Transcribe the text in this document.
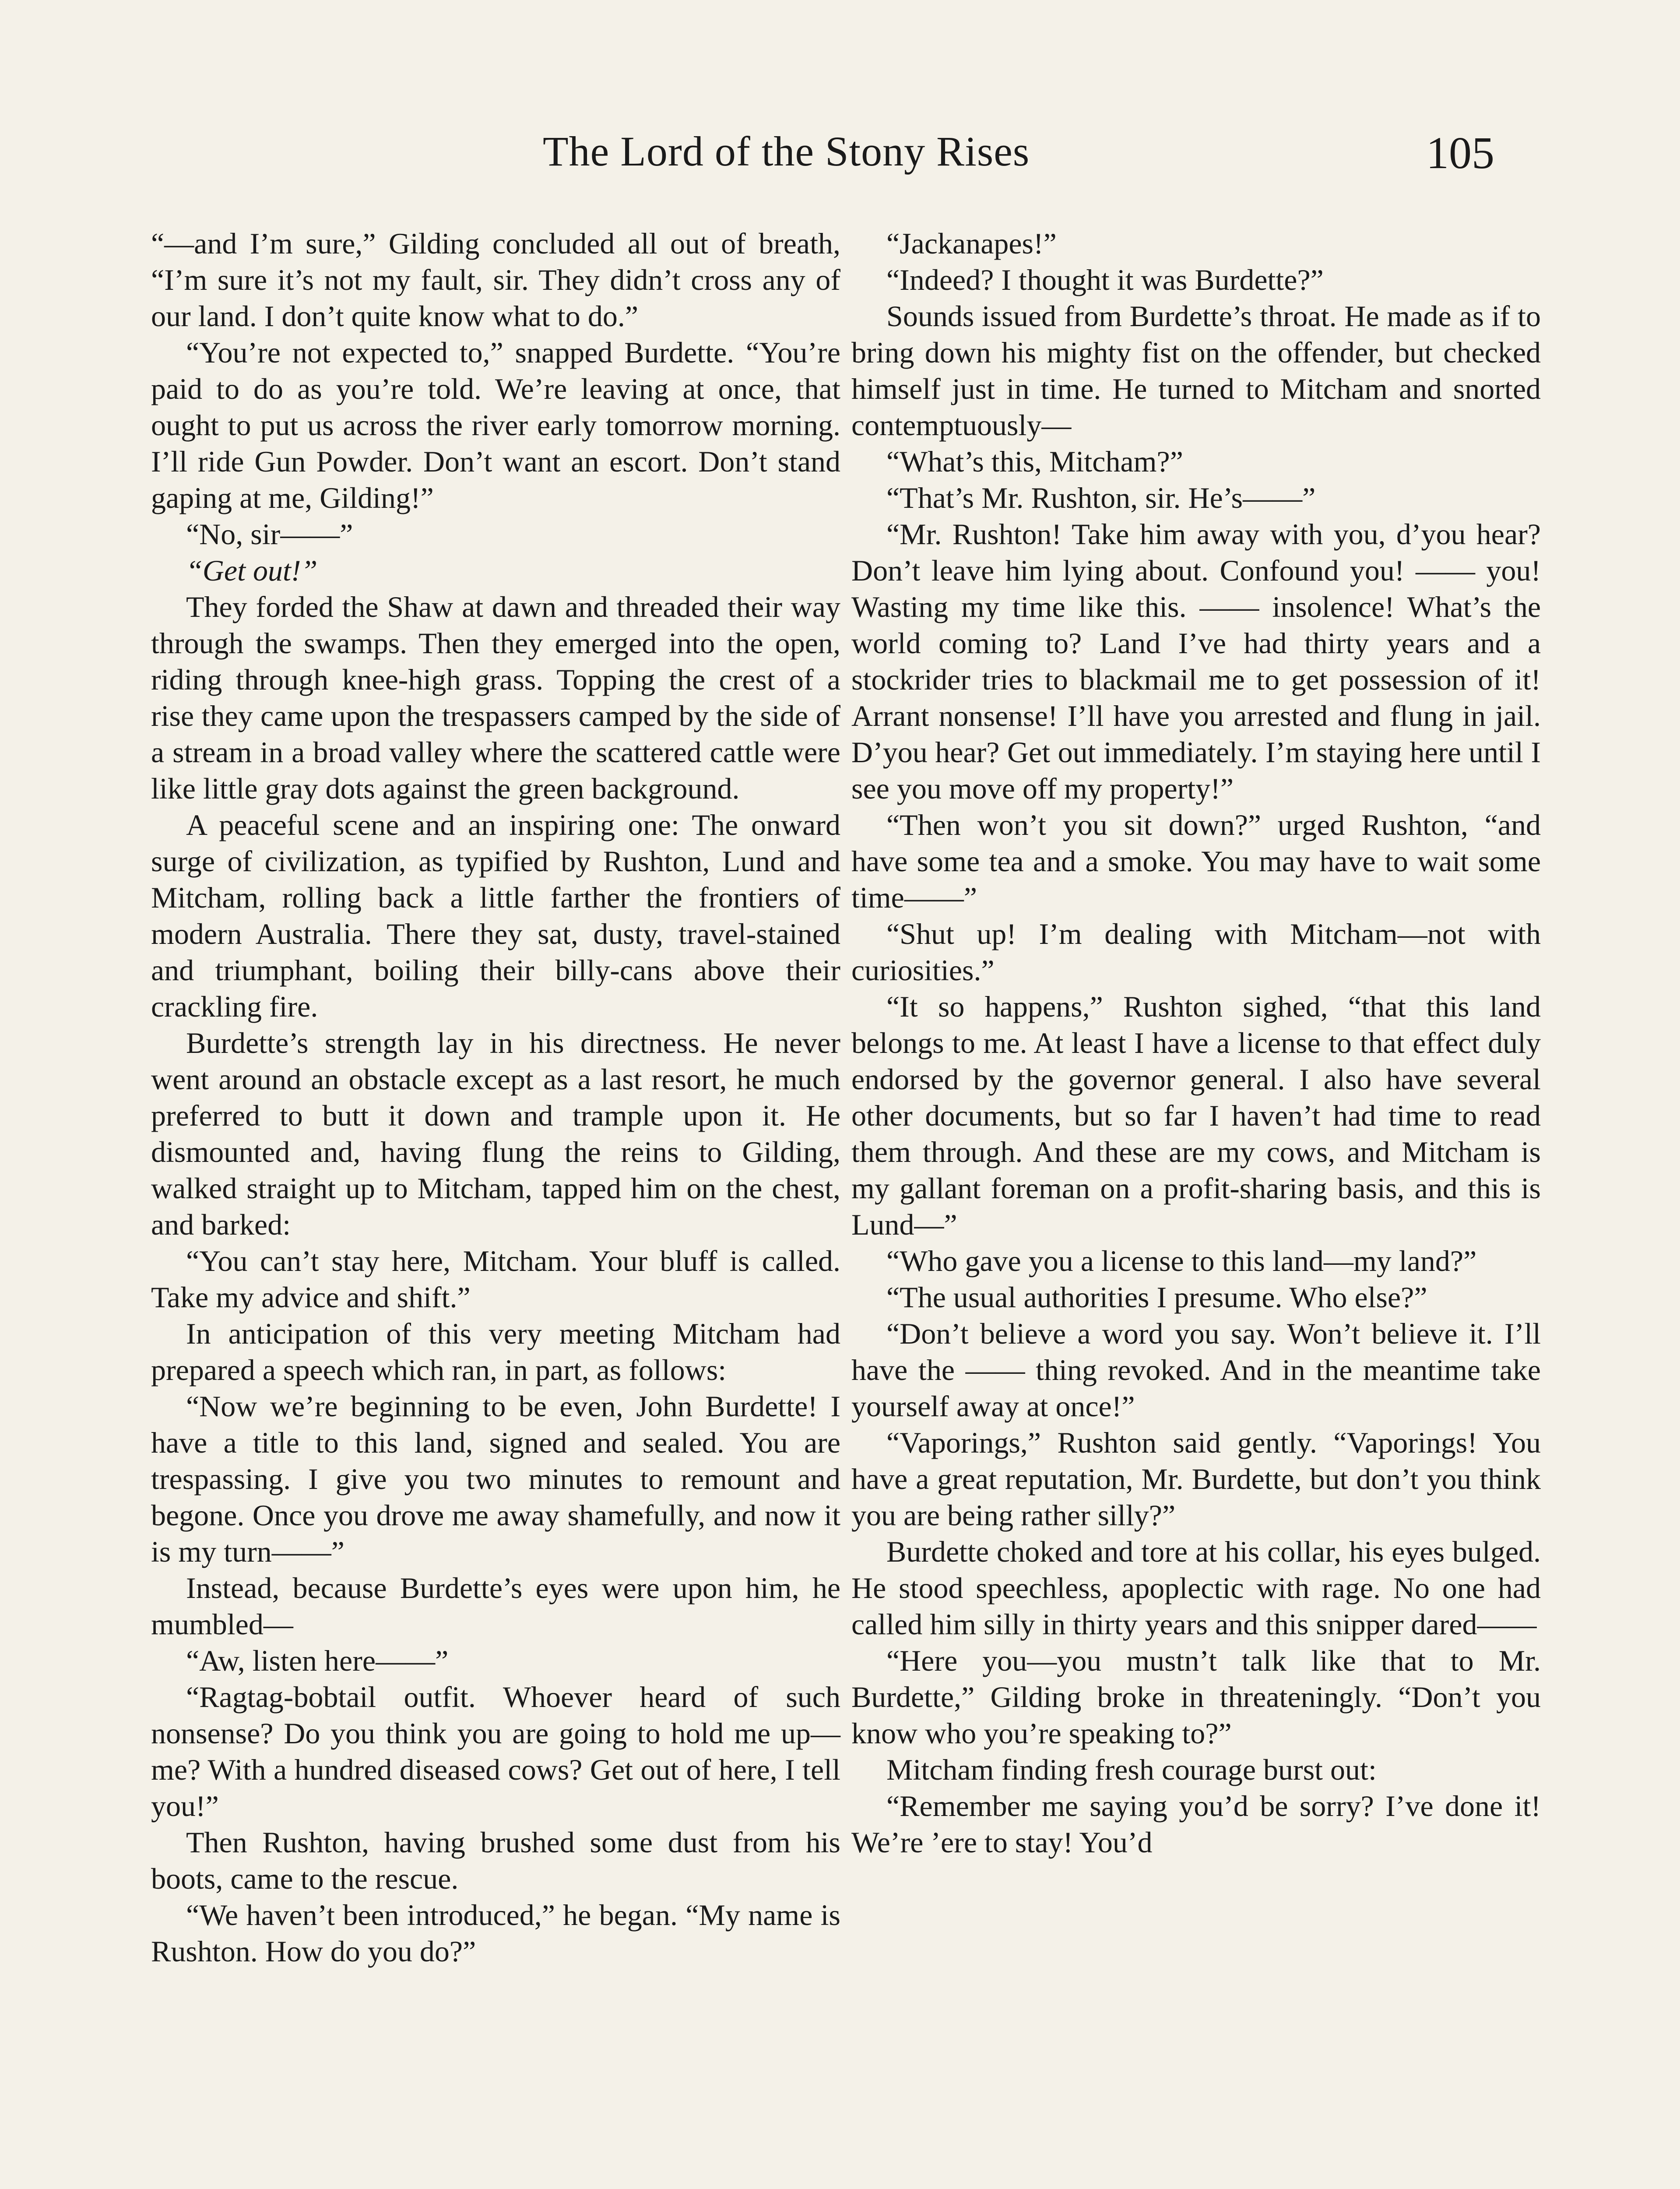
The Lord of the Stony Rises	105

“—and I’m sure,” Gilding concluded all out of breath, “I’m sure it’s not my fault, sir. They didn’t cross any of our land. I don’t quite know what to do.”

“You’re not expected to,” snapped Burdette. “You’re paid to do as you’re told. We’re leaving at once, that ought to put us across the river early tomorrow morning. I’ll ride Gun Powder. Don’t want an escort. Don’t stand gaping at me, Gilding!”

“No, sir——”

“Get out!”

They forded the Shaw at dawn and threaded their way through the swamps. Then they emerged into the open, riding through knee-high grass. Topping the crest of a rise they came upon the trespassers camped by the side of a stream in a broad valley where the scattered cattle were like little gray dots against the green background.

A peaceful scene and an inspiring one: The onward surge of civilization, as typified by Rushton, Lund and Mitcham, rolling back a little farther the frontiers of modern Australia. There they sat, dusty, travel-stained and triumphant, boiling their billy-cans above their crackling fire.

Burdette’s strength lay in his directness. He never went around an obstacle except as a last resort, he much preferred to butt it down and trample upon it. He dismounted and, having flung the reins to Gilding, walked straight up to Mitcham, tapped him on the chest, and barked:

“You can’t stay here, Mitcham. Your bluff is called. Take my advice and shift.”

In anticipation of this very meeting Mitcham had prepared a speech which ran, in part, as follows:

“Now we’re beginning to be even, John Burdette! I have a title to this land, signed and sealed. You are trespassing. I give you two minutes to remount and begone. Once you drove me away shamefully, and now it is my turn——”

Instead, because Burdette’s eyes were upon him, he mumbled—

“Aw, listen here——”

“Ragtag-bobtail outfit. Whoever heard of such nonsense? Do you think you are going to hold me up—me? With a hundred diseased cows? Get out of here, I tell you!”

Then Rushton, having brushed some dust from his boots, came to the rescue.

“We haven’t been introduced,” he began. “My name is Rushton. How do you do?”

“Jackanapes!”

“Indeed? I thought it was Burdette?”

Sounds issued from Burdette’s throat. He made as if to bring down his mighty fist on the offender, but checked himself just in time. He turned to Mitcham and snorted contemptuously—

“What’s this, Mitcham?”

“That’s Mr. Rushton, sir. He’s——”

“Mr. Rushton! Take him away with you, d’you hear? Don’t leave him lying about. Confound you! —— you! Wasting my time like this. —— insolence! What’s the world coming to? Land I’ve had thirty years and a stockrider tries to blackmail me to get possession of it! Arrant nonsense! I’ll have you arrested and flung in jail. D’you hear? Get out immediately. I’m staying here until I see you move off my property!”

“Then won’t you sit down?” urged Rushton, “and have some tea and a smoke. You may have to wait some time——”

“Shut up! I’m dealing with Mitcham—not with curiosities.”

“It so happens,” Rushton sighed, “that this land belongs to me. At least I have a license to that effect duly endorsed by the governor general. I also have several other documents, but so far I haven’t had time to read them through. And these are my cows, and Mitcham is my gallant foreman on a profit-sharing basis, and this is Lund—”

“Who gave you a license to this land—my land?”

“The usual authorities I presume. Who else?”

“Don’t believe a word you say. Won’t believe it. I’ll have the —— thing revoked. And in the meantime take yourself away at once!”

“Vaporings,” Rushton said gently. “Vaporings! You have a great reputation, Mr. Burdette, but don’t you think you are being rather silly?”

Burdette choked and tore at his collar, his eyes bulged. He stood speechless, apoplectic with rage. No one had called him silly in thirty years and this snipper dared——

“Here you—you mustn’t talk like that to Mr. Burdette,” Gilding broke in threateningly. “Don’t you know who you’re speaking to?”

Mitcham finding fresh courage burst out:

“Remember me saying you’d be sorry? I’ve done it! We’re ’ere to stay! You’d
